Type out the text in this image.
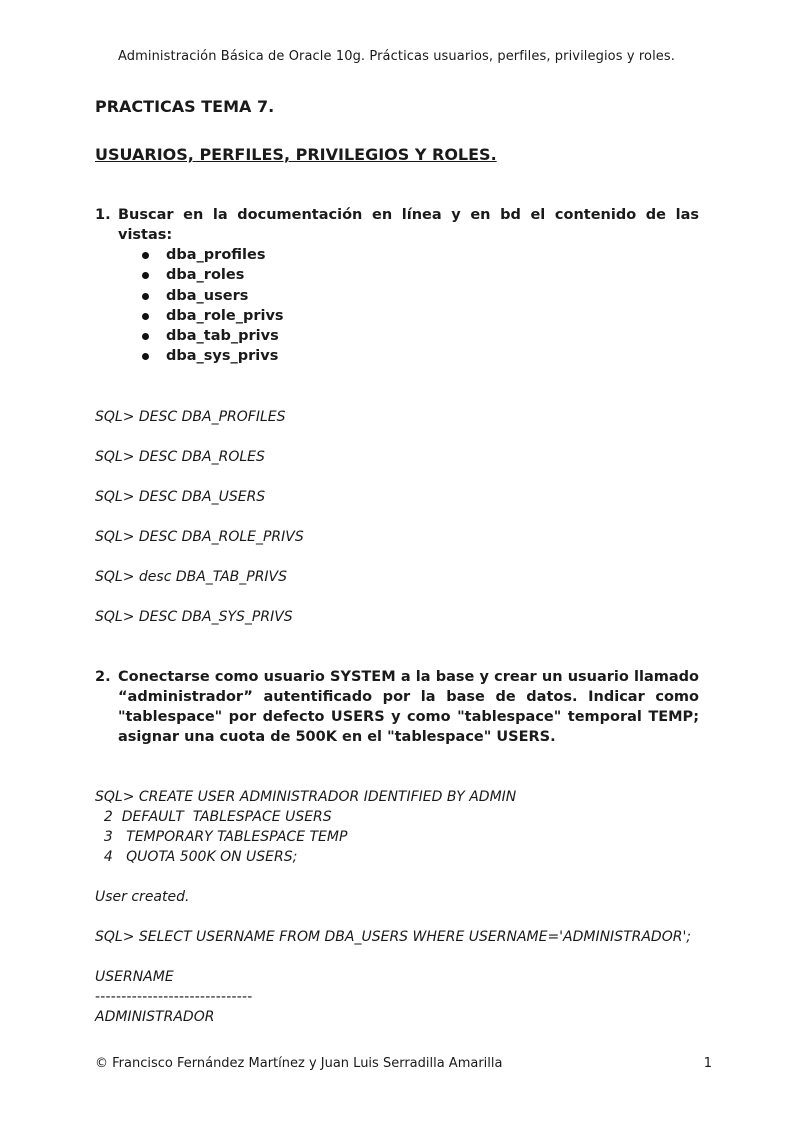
Administración Básica de Oracle 10g. Prácticas usuarios, perfiles, privilegios y roles.
PRACTICAS TEMA 7.
USUARIOS, PERFILES, PRIVILEGIOS Y ROLES.
1. Buscar en la documentación en línea y en bd el contenido de las vistas:
dba_profiles
dba_roles
dba_users
dba_role_privs
dba_tab_privs
dba_sys_privs
SQL> DESC DBA_PROFILES
SQL> DESC DBA_ROLES
SQL> DESC DBA_USERS
SQL> DESC DBA_ROLE_PRIVS
SQL> desc DBA_TAB_PRIVS
SQL> DESC DBA_SYS_PRIVS
2. Conectarse como usuario SYSTEM a la base y crear un usuario llamado “administrador” autentificado por la base de datos. Indicar como "tablespace" por defecto USERS y como "tablespace" temporal TEMP; asignar una cuota de 500K en el "tablespace" USERS.
SQL> CREATE USER ADMINISTRADOR IDENTIFIED BY ADMIN
2  DEFAULT  TABLESPACE USERS
3   TEMPORARY TABLESPACE TEMP
4   QUOTA 500K ON USERS;
User created.
SQL> SELECT USERNAME FROM DBA_USERS WHERE USERNAME='ADMINISTRADOR';
USERNAME
------------------------------
ADMINISTRADOR
© Francisco Fernández Martínez y Juan Luis Serradilla Amarilla	1
